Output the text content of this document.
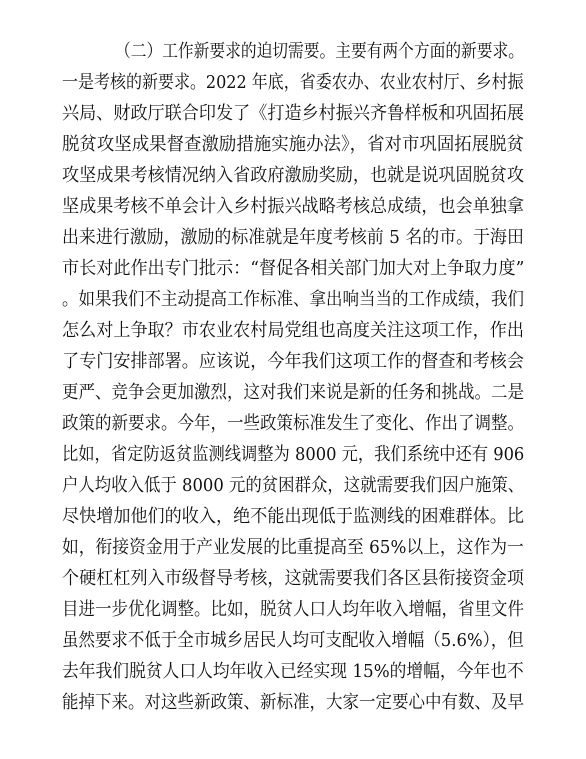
（二）工作新要求的迫切需要。主要有两个方面的新要求。
一是考核的新要求。2022 年底，省委农办、农业农村厅、乡村振
兴局、财政厅联合印发了《打造乡村振兴齐鲁样板和巩固拓展
脱贫攻坚成果督查激励措施实施办法》，省对市巩固拓展脱贫
攻坚成果考核情况纳入省政府激励奖励，也就是说巩固脱贫攻
坚成果考核不单会计入乡村振兴战略考核总成绩，也会单独拿
出来进行激励，激励的标准就是年度考核前 5 名的市。于海田
市长对此作出专门批示：“督促各相关部门加大对上争取力度”
。如果我们不主动提高工作标准、拿出响当当的工作成绩，我们
怎么对上争取？市农业农村局党组也高度关注这项工作，作出
了专门安排部署。应该说，今年我们这项工作的督查和考核会
更严、竞争会更加激烈，这对我们来说是新的任务和挑战。二是
政策的新要求。今年，一些政策标准发生了变化、作出了调整。
比如，省定防返贫监测线调整为 8000 元，我们系统中还有 906
户人均收入低于 8000 元的贫困群众，这就需要我们因户施策、
尽快增加他们的收入，绝不能出现低于监测线的困难群体。比
如，衔接资金用于产业发展的比重提高至 65%以上，这作为一
个硬杠杠列入市级督导考核，这就需要我们各区县衔接资金项
目进一步优化调整。比如，脱贫人口人均年收入增幅，省里文件
虽然要求不低于全市城乡居民人均可支配收入增幅（5.6%），但
去年我们脱贫人口人均年收入已经实现 15%的增幅，今年也不
能掉下来。对这些新政策、新标准，大家一定要心中有数、及早
